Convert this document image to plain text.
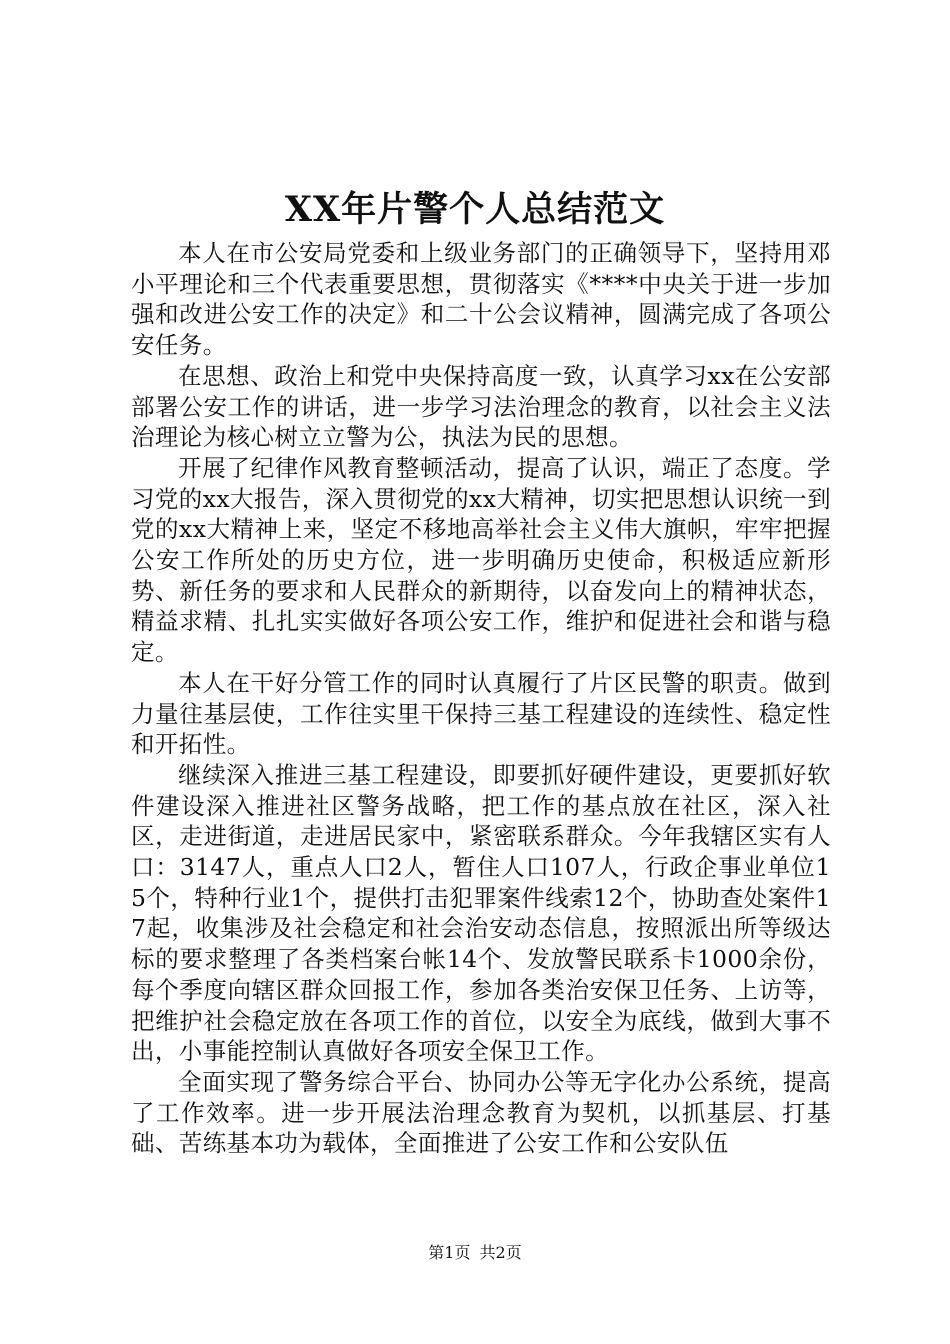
XX年片警个人总结范文

本人在市公安局党委和上级业务部门的正确领导下，坚持用邓小平理论和三个代表重要思想，贯彻落实《****中央关于进一步加强和改进公安工作的决定》和二十公会议精神，圆满完成了各项公安任务。

在思想、政治上和党中央保持高度一致，认真学习xx在公安部部署公安工作的讲话，进一步学习法治理念的教育，以社会主义法治理论为核心树立立警为公，执法为民的思想。

开展了纪律作风教育整顿活动，提高了认识，端正了态度。学习党的xx大报告，深入贯彻党的xx大精神，切实把思想认识统一到党的xx大精神上来，坚定不移地高举社会主义伟大旗帜，牢牢把握公安工作所处的历史方位，进一步明确历史使命，积极适应新形势、新任务的要求和人民群众的新期待，以奋发向上的精神状态，精益求精、扎扎实实做好各项公安工作，维护和促进社会和谐与稳定。

本人在干好分管工作的同时认真履行了片区民警的职责。做到力量往基层使，工作往实里干保持三基工程建设的连续性、稳定性和开拓性。

继续深入推进三基工程建设，即要抓好硬件建设，更要抓好软件建设深入推进社区警务战略，把工作的基点放在社区，深入社区，走进街道，走进居民家中，紧密联系群众。今年我辖区实有人口：3147人，重点人口2人，暂住人口107人，行政企事业单位15个，特种行业1个，提供打击犯罪案件线索12个，协助查处案件17起，收集涉及社会稳定和社会治安动态信息，按照派出所等级达标的要求整理了各类档案台帐14个、发放警民联系卡1000余份，每个季度向辖区群众回报工作，参加各类治安保卫任务、上访等，把维护社会稳定放在各项工作的首位，以安全为底线，做到大事不出，小事能控制认真做好各项安全保卫工作。

全面实现了警务综合平台、协同办公等无字化办公系统，提高了工作效率。进一步开展法治理念教育为契机，以抓基层、打基础、苦练基本功为载体，全面推进了公安工作和公安队伍

第1页 共2页
